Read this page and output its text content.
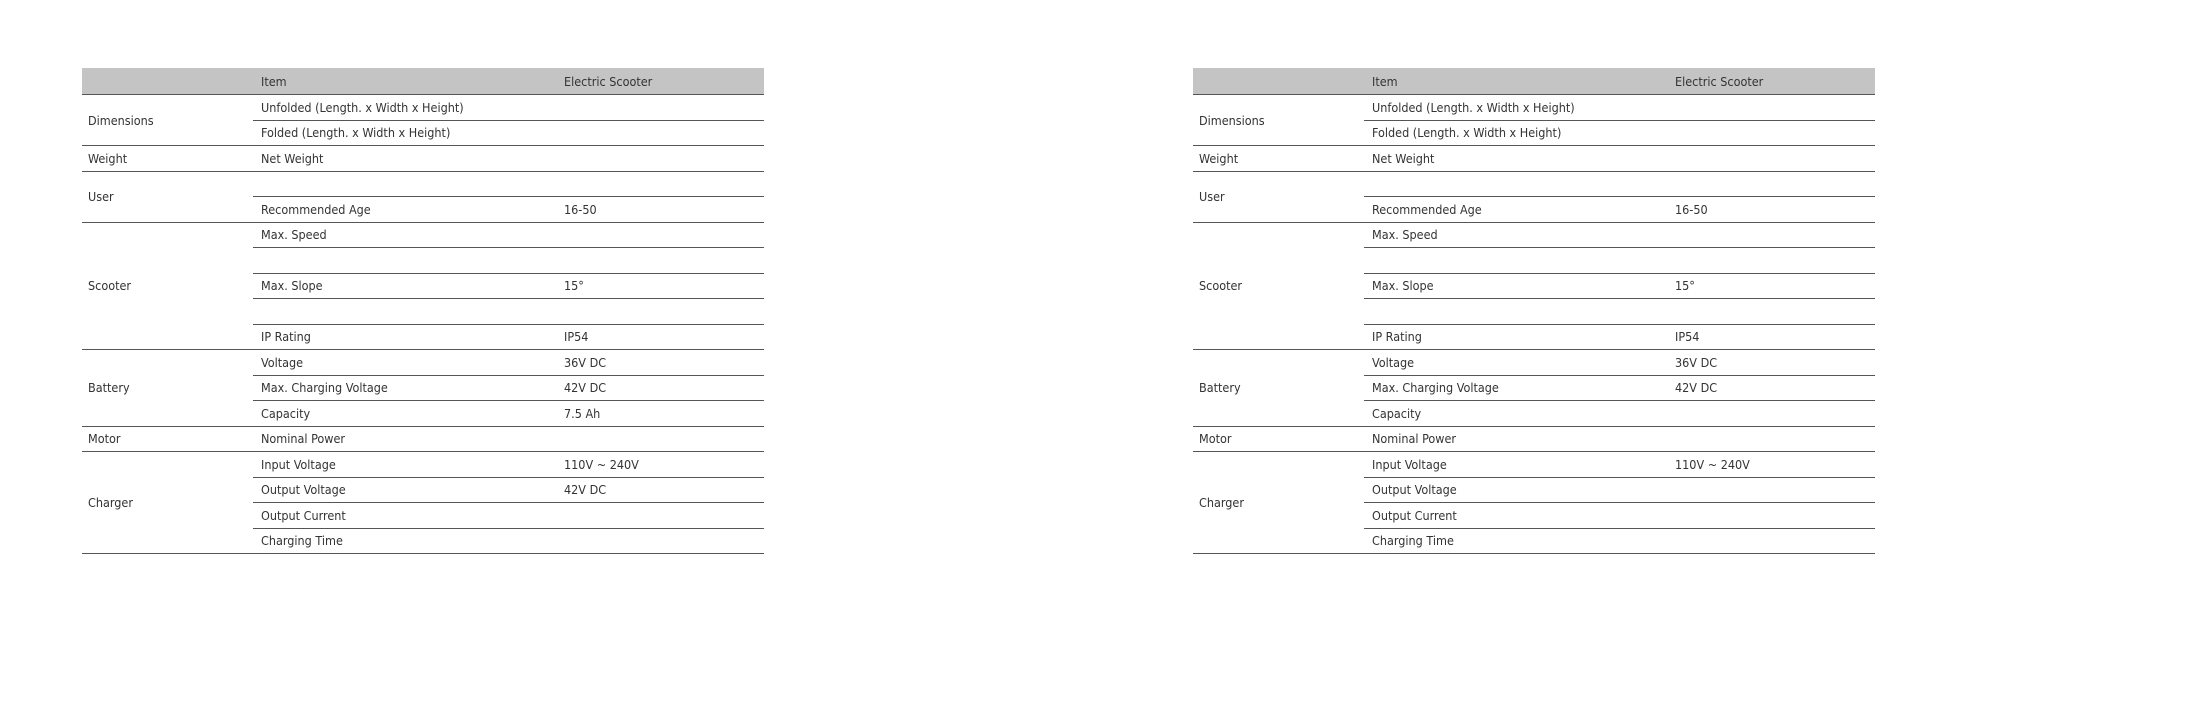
	Item	Electric Scooter
Dimensions	Unfolded (Length. x Width x Height)	
	Folded (Length. x Width x Height)	
Weight	Net Weight	
User		
	Recommended Age	16-50
Scooter	Max. Speed	

	Max. Slope	15°

	IP Rating	IP54
Battery	Voltage	36V DC
	Max. Charging Voltage	42V DC
	Capacity	7.5 Ah
Motor	Nominal Power	
Charger	Input Voltage	110V ~ 240V
	Output Voltage	42V DC
	Output Current	
	Charging Time	
	Item	Electric Scooter
Dimensions	Unfolded (Length. x Width x Height)	
	Folded (Length. x Width x Height)	
Weight	Net Weight	
User		
	Recommended Age	16-50
Scooter	Max. Speed	

	Max. Slope	15°

	IP Rating	IP54
Battery	Voltage	36V DC
	Max. Charging Voltage	42V DC
	Capacity	
Motor	Nominal Power	
Charger	Input Voltage	110V ~ 240V
	Output Voltage	
	Output Current	
	Charging Time	
